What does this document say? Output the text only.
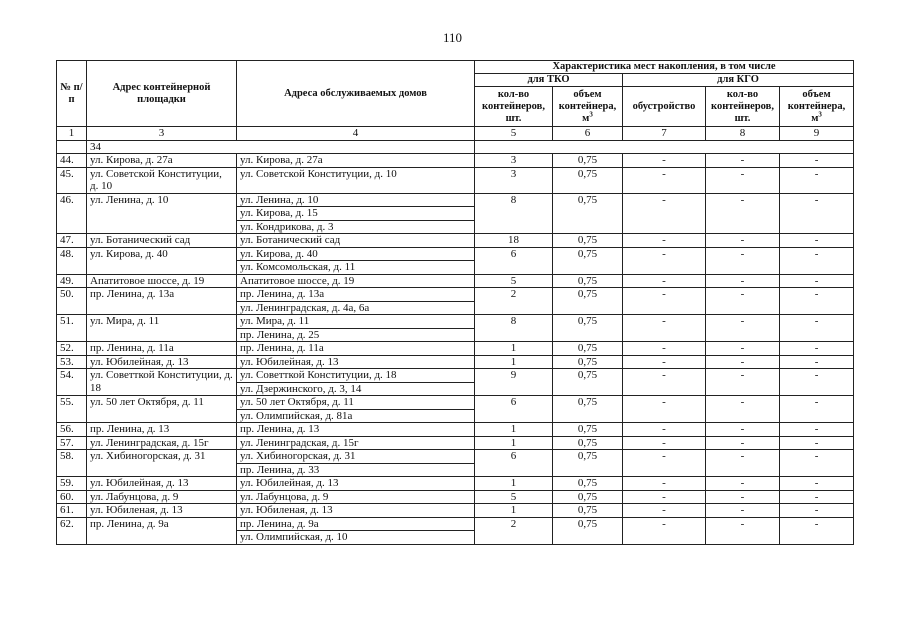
110
№ п/п	Адрес контейнерной площадки	Адреса обслуживаемых домов	Характеристика мест накопления, в том числе				
			для ТКО		для КГО		
			кол-во контейнеров, шт.	объем контейнера, $м^3$	обустройство	кол-во контейнеров, шт.	объем контейнера, $м^3$
1	3	4	5	6	7	8	9
	34						
44.	ул. Кирова, д. 27а	ул. Кирова, д. 27а	3	0,75	-	-	-
45.	ул. Советской Конституции, д. 10	ул. Советской Конституции, д. 10	3	0,75	-	-	-
46.	ул. Ленина, д. 10	ул. Ленина, д. 10	8	0,75	-	-	-
		ул. Кирова, д. 15					
		ул. Кондрикова, д. 3					
47.	ул. Ботанический сад	ул. Ботанический сад	18	0,75	-	-	-
48.	ул. Кирова, д. 40	ул. Кирова, д. 40	6	0,75	-	-	-
		ул. Комсомольская, д. 11					
49.	Апатитовое шоссе, д. 19	Апатитовое шоссе, д. 19	5	0,75	-	-	-
50.	пр. Ленина, д. 13а	пр. Ленина, д. 13а	2	0,75	-	-	-
		ул. Ленинградская, д. 4а, 6а					
51.	ул. Мира, д. 11	ул. Мира, д. 11	8	0,75	-	-	-
		пр. Ленина, д. 25					
52.	пр. Ленина, д. 11а	пр. Ленина, д. 11а	1	0,75	-	-	-
53.	ул. Юбилейная, д. 13	ул. Юбилейная, д. 13	1	0,75	-	-	-
54.	ул. Советткой Конституции, д. 18	ул. Советткой Конституции, д. 18	9	0,75	-	-	-
		ул. Дзержинского, д. 3, 14					
55.	ул. 50 лет Октября, д. 11	ул. 50 лет Октября, д. 11	6	0,75	-	-	-
		ул. Олимпийская, д. 81а					
56.	пр. Ленина, д. 13	пр. Ленина, д. 13	1	0,75	-	-	-
57.	ул. Ленинградская, д. 15г	ул. Ленинградская, д. 15г	1	0,75	-	-	-
58.	ул. Хибиногорская, д. 31	ул. Хибиногорская, д. 31	6	0,75	-	-	-
		пр. Ленина, д. 33					
59.	ул. Юбилейная, д. 13	ул. Юбилейная, д. 13	1	0,75	-	-	-
60.	ул. Лабунцова, д. 9	ул. Лабунцова, д. 9	5	0,75	-	-	-
61.	ул. Юбиленая, д. 13	ул. Юбиленая, д. 13	1	0,75	-	-	-
62.	пр. Ленина, д. 9а	пр. Ленина, д. 9а	2	0,75	-	-	-
		ул. Олимпийская, д. 10					
